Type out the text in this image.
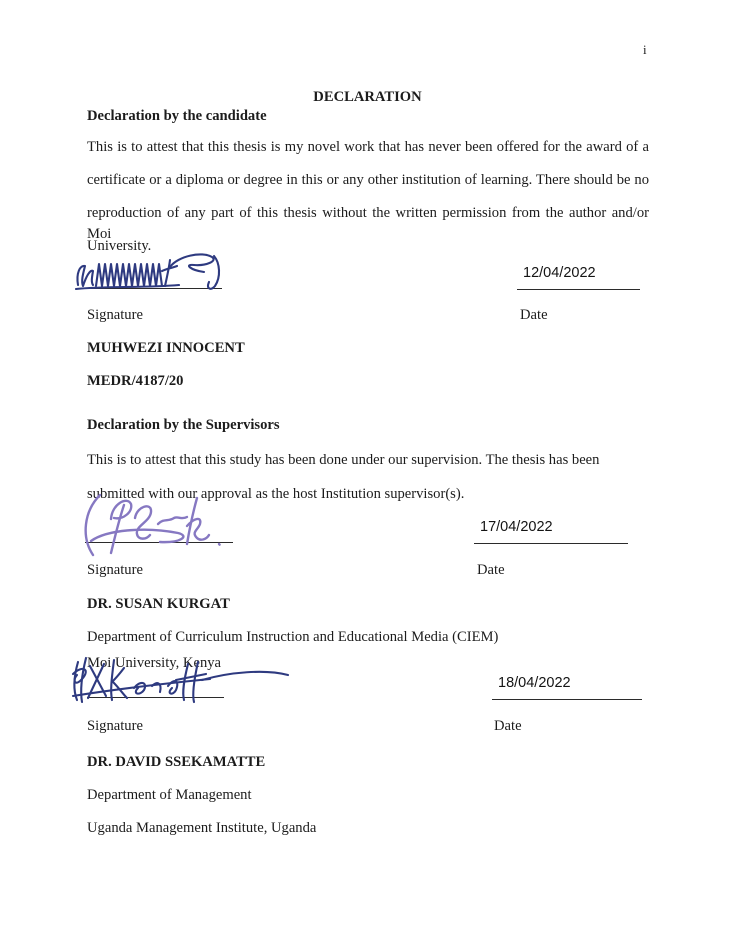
i
DECLARATION
Declaration by the candidate
This is to attest that this thesis is my novel work that has never been offered for the award of a
certificate or a diploma or degree in this or any other institution of learning. There should be no
reproduction of any part of this thesis without the written permission from the author and/or Moi
University.
12/04/2022
Signature	Date
MUHWEZI INNOCENT
MEDR/4187/20
Declaration by the Supervisors
This is to attest that this study has been done under our supervision. The thesis has been
submitted with our approval as the host Institution supervisor(s).
17/04/2022
Signature	Date
DR. SUSAN KURGAT
Department of Curriculum Instruction and Educational Media (CIEM)
Moi University, Kenya
18/04/2022
Signature	Date
DR. DAVID SSEKAMATTE
Department of Management
Uganda Management Institute, Uganda
